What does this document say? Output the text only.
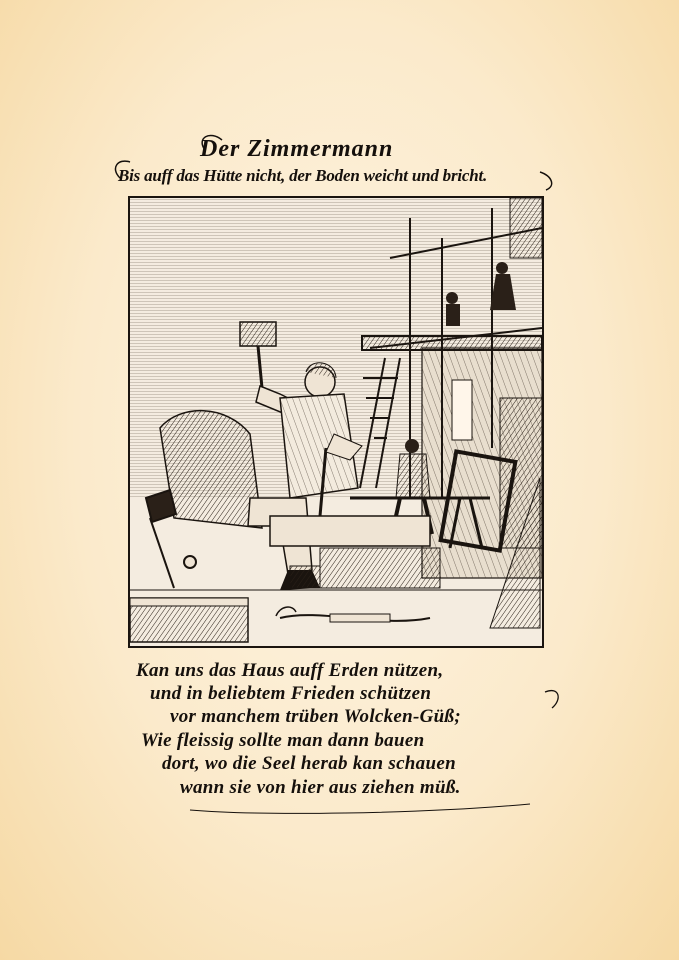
Der Zimmermann
Bis auff das Hütte nicht, der Boden weicht und bricht.
Kan uns das Haus auff Erden nützen,
und in beliebtem Frieden schützen
vor manchem trüben Wolcken-Güß;
Wie fleissig sollte man dann bauen
dort, wo die Seel herab kan schauen
wann sie von hier aus ziehen müß.
